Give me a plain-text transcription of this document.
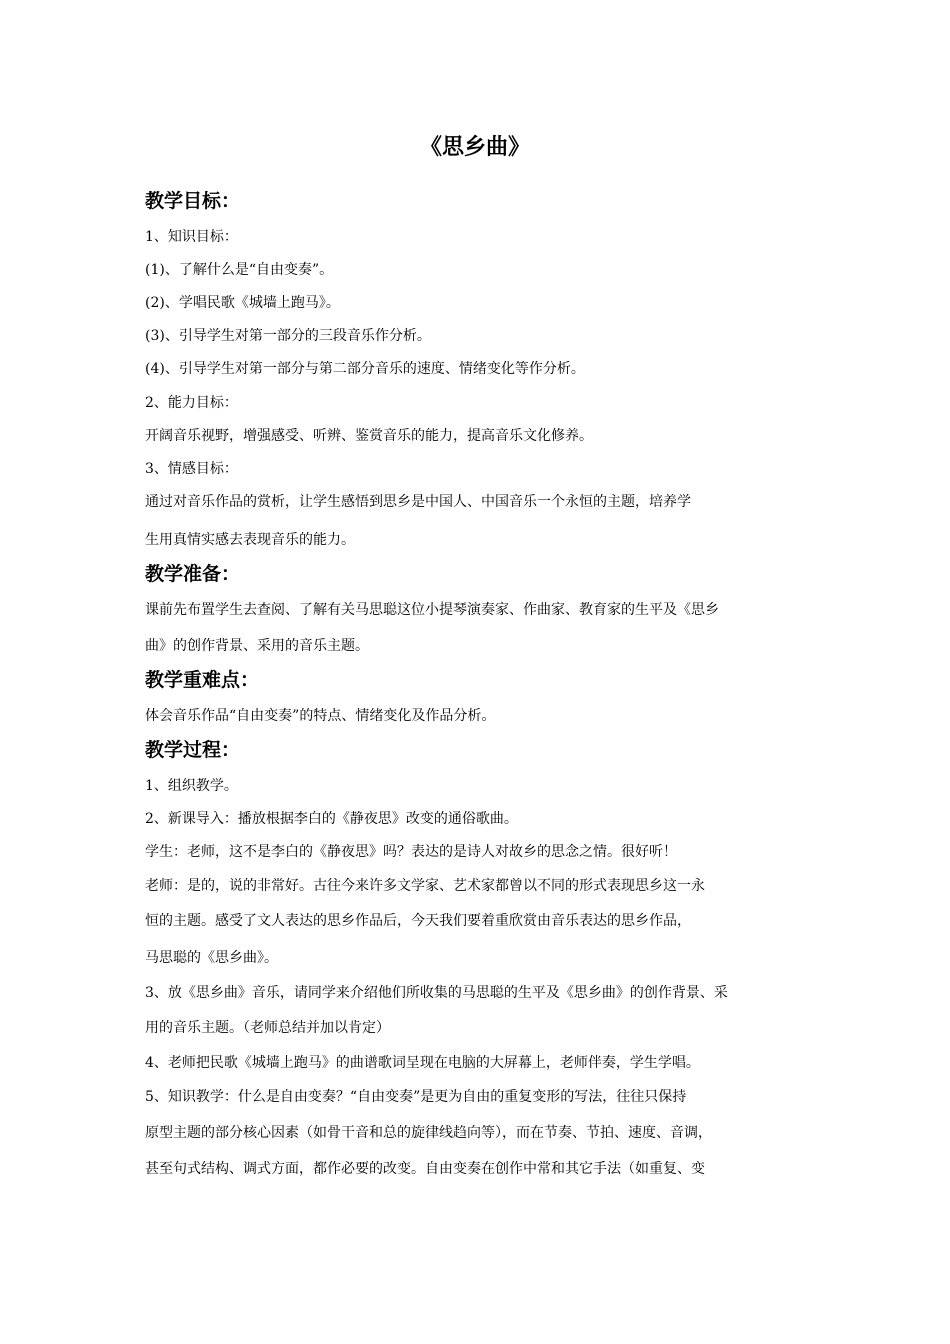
《思乡曲》
教学目标：
1、知识目标：
(1)、了解什么是“自由变奏”。
(2)、学唱民歌《城墙上跑马》。
(3)、引导学生对第一部分的三段音乐作分析。
(4)、引导学生对第一部分与第二部分音乐的速度、情绪变化等作分析。
2、能力目标：
开阔音乐视野，增强感受、听辨、鉴赏音乐的能力，提高音乐文化修养。
3、情感目标：
通过对音乐作品的赏析，让学生感悟到思乡是中国人、中国音乐一个永恒的主题，培养学
生用真情实感去表现音乐的能力。
教学准备：
课前先布置学生去查阅、了解有关马思聪这位小提琴演奏家、作曲家、教育家的生平及《思乡
曲》的创作背景、采用的音乐主题。
教学重难点：
体会音乐作品“自由变奏”的特点、情绪变化及作品分析。
教学过程：
1、组织教学。
2、新课导入：播放根据李白的《静夜思》改变的通俗歌曲。
学生：老师，这不是李白的《静夜思》吗？表达的是诗人对故乡的思念之情。很好听！
老师：是的，说的非常好。古往今来许多文学家、艺术家都曾以不同的形式表现思乡这一永
恒的主题。感受了文人表达的思乡作品后，今天我们要着重欣赏由音乐表达的思乡作品，
马思聪的《思乡曲》。
3、放《思乡曲》音乐，请同学来介绍他们所收集的马思聪的生平及《思乡曲》的创作背景、采
用的音乐主题。（老师总结并加以肯定）
4、老师把民歌《城墙上跑马》的曲谱歌词呈现在电脑的大屏幕上，老师伴奏，学生学唱。
5、知识教学：什么是自由变奏？“自由变奏”是更为自由的重复变形的写法，往往只保持
原型主题的部分核心因素（如骨干音和总的旋律线趋向等），而在节奏、节拍、速度、音调，
甚至句式结构、调式方面，都作必要的改变。自由变奏在创作中常和其它手法（如重复、变
